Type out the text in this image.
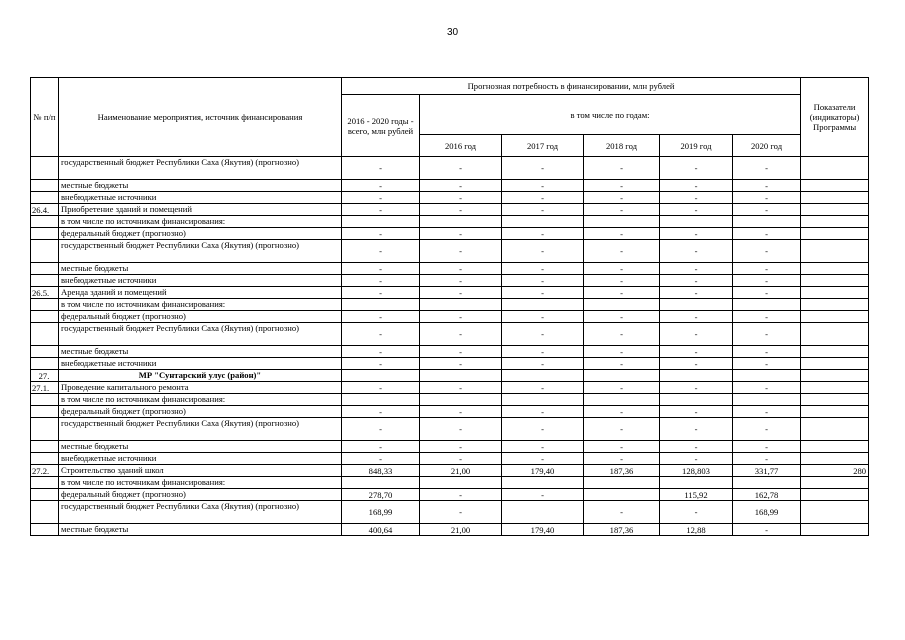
30
№ п/п	Наименование мероприятия, источник финансирования	Прогнозная потребность в финансировании, млн рублей						Показатели (индикаторы) Программы
		2016 - 2020 годы - всего, млн рублей	в том числе по годам:					
			2016 год	2017 год	2018 год	2019 год	2020 год	
	государственный бюджет Республики Саха (Якутия) (прогнозно)	-	-	-	-	-	-	
	местные бюджеты	-	-	-	-	-	-	
	внебюджетные источники	-	-	-	-	-	-	
26.4.	Приобретение зданий и помещений	-	-	-	-	-	-	
	в том числе по источникам финансирования:							
	федеральный бюджет (прогнозно)	-	-	-	-	-	-	
	государственный бюджет Республики Саха (Якутия) (прогнозно)	-	-	-	-	-	-	
	местные бюджеты	-	-	-	-	-	-	
	внебюджетные источники	-	-	-	-	-	-	
26.5.	Аренда зданий и помещений	-	-	-	-	-	-	
	в том числе по источникам финансирования:							
	федеральный бюджет (прогнозно)	-	-	-	-	-	-	
	государственный бюджет Республики Саха (Якутия) (прогнозно)	-	-	-	-	-	-	
	местные бюджеты	-	-	-	-	-	-	
	внебюджетные источники	-	-	-	-	-	-	
27.	МР "Сунтарский улус (район)"							
27.1.	Проведение капитального ремонта	-	-	-	-	-	-	
	в том числе по источникам финансирования:							
	федеральный бюджет (прогнозно)	-	-	-	-	-	-	
	государственный бюджет Республики Саха (Якутия) (прогнозно)	-	-	-	-	-	-	
	местные бюджеты	-	-	-	-	-	-	
	внебюджетные источники	-	-	-	-	-	-	
27.2.	Строительство зданий школ	848,33	21,00	179,40	187,36	128,803	331,77	280
	в том числе по источникам финансирования:							
	федеральный бюджет (прогнозно)	278,70	-	-		115,92	162,78	
	государственный бюджет Республики Саха (Якутия) (прогнозно)	168,99	-		-	-	168,99	
	местные бюджеты	400,64	21,00	179,40	187,36	12,88	-	
